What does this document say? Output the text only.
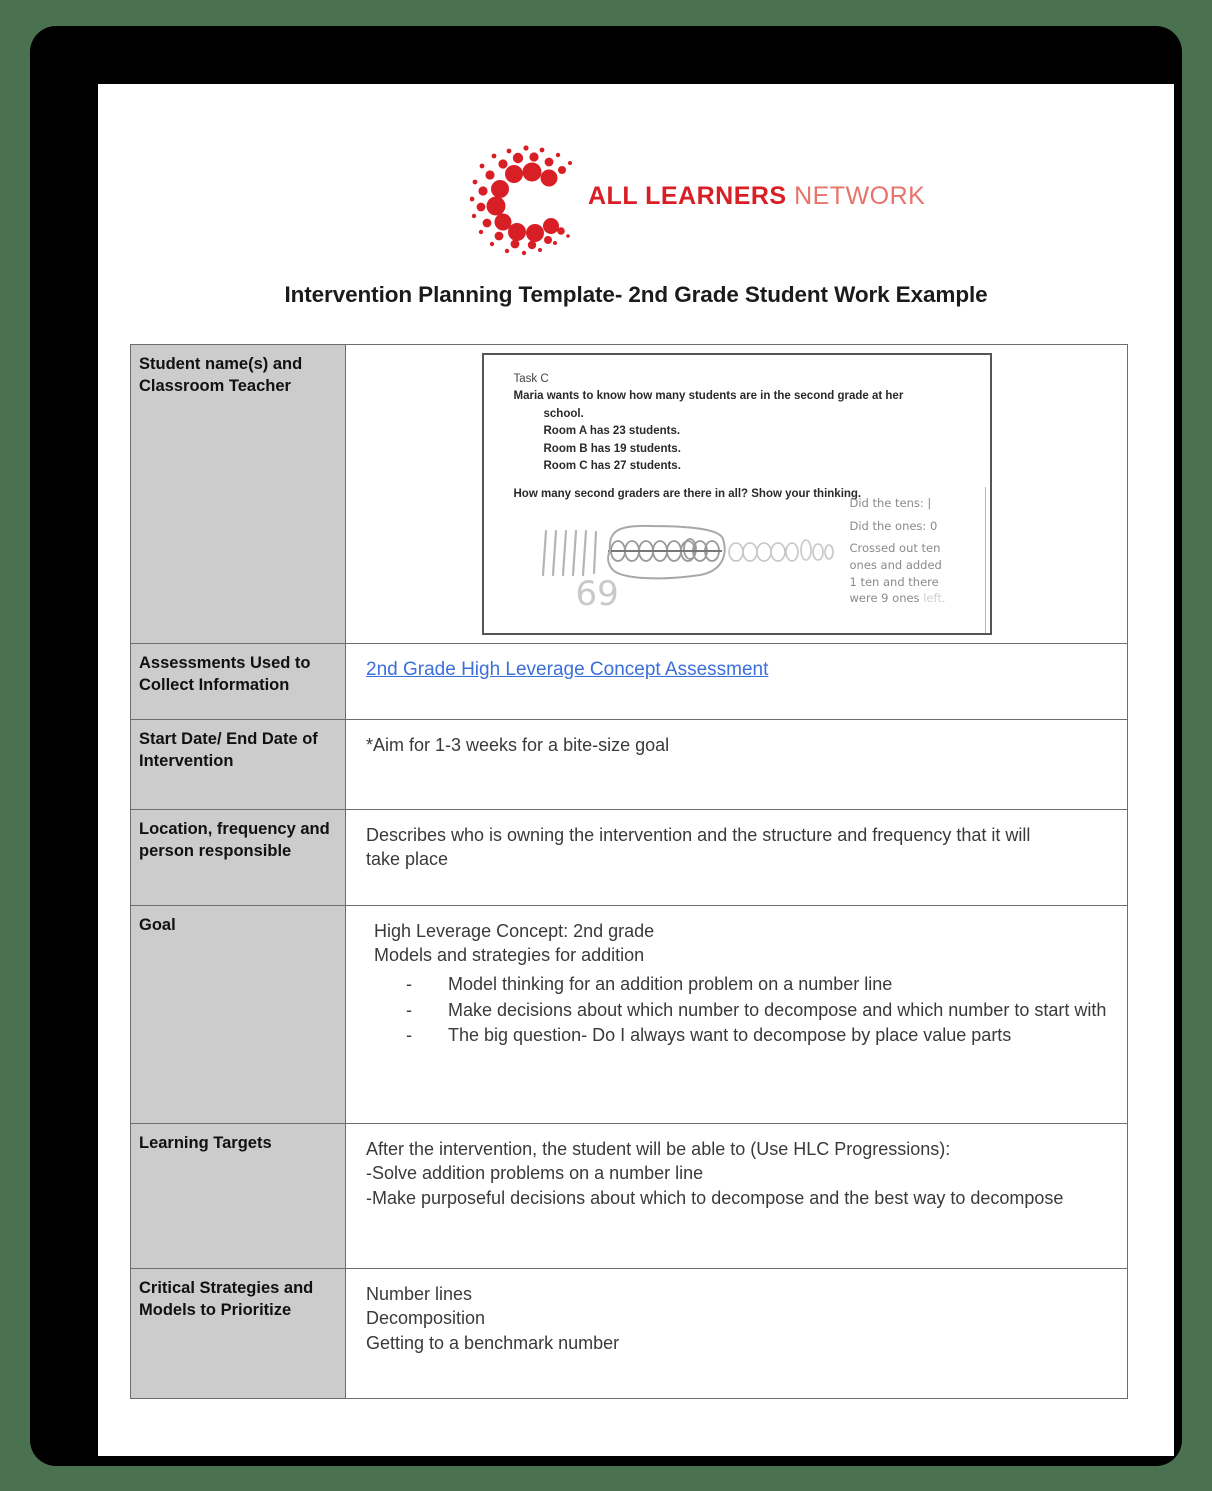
ALL LEARNERS NETWORK
Intervention Planning Template- 2nd Grade Student Work Example
Student name(s) and Classroom Teacher	Task C
Maria wants to know how many students are in the second grade at her
school.
Room A has 23 students.
Room B has 19 students.
Room C has 27 students.
How many second graders are there in all? Show your thinking.
69
Did the tens: |
Did the ones: 0
Crossed out ten
ones and added
1 ten and there
were 9 ones left.

Assessments Used to Collect Information	2nd Grade High Leverage Concept Assessment
Start Date/ End Date of Intervention	*Aim for 1-3 weeks for a bite-size goal

Location, frequency and person responsible	Describes who is owning the intervention and the structure and frequency that it will take place

Goal	High Leverage Concept: 2nd grade

Models and strategies for addition

- Model thinking for an addition problem on a number line
- Make decisions about which number to decompose and which number to start with
- The big question- Do I always want to decompose by place value parts

Learning Targets	After the intervention, the student will be able to (Use HLC Progressions):

-Solve addition problems on a number line

-Make purposeful decisions about which to decompose and the best way to decompose

Critical Strategies and Models to Prioritize	Number lines

Decomposition

Getting to a benchmark number
